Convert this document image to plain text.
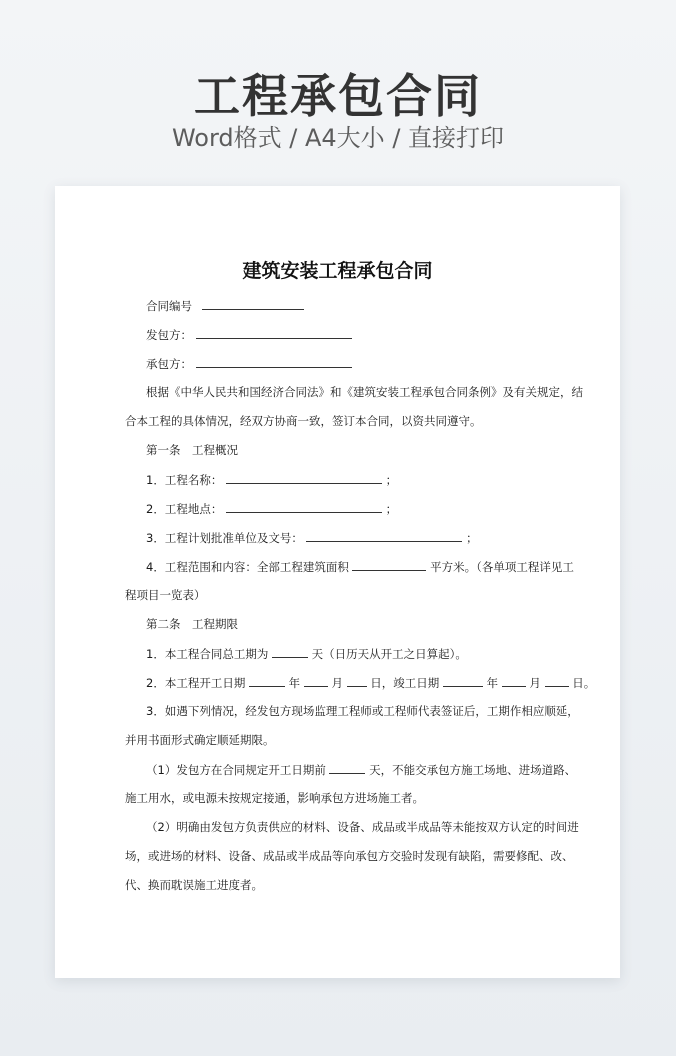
工程承包合同
Word格式 / A4大小 / 直接打印
建筑安装工程承包合同
合同编号
发包方：
承包方：
根据《中华人民共和国经济合同法》和《建筑安装工程承包合同条例》及有关规定，结
合本工程的具体情况，经双方协商一致，签订本合同，以资共同遵守。
第一条　工程概况
1．工程名称：	；
2．工程地点：	；
3．工程计划批准单位及文号：	；
4．工程范围和内容：全部工程建筑面积	平方米。（各单项工程详见工
程项目一览表）
第二条　工程期限
1．本工程合同总工期为	天（日历天从开工之日算起）。
2．本工程开工日期	年	月 日，竣工日期	年	月	日。
3．如遇下列情况，经发包方现场监理工程师或工程师代表签证后，工期作相应顺延，
并用书面形式确定顺延期限。
（1）发包方在合同规定开工日期前	天，不能交承包方施工场地、进场道路、
施工用水，或电源未按规定接通，影响承包方进场施工者。
（2）明确由发包方负责供应的材料、设备、成品或半成品等未能按双方认定的时间进
场，或进场的材料、设备、成品或半成品等向承包方交验时发现有缺陷，需要修配、改、
代、换而耽误施工进度者。
